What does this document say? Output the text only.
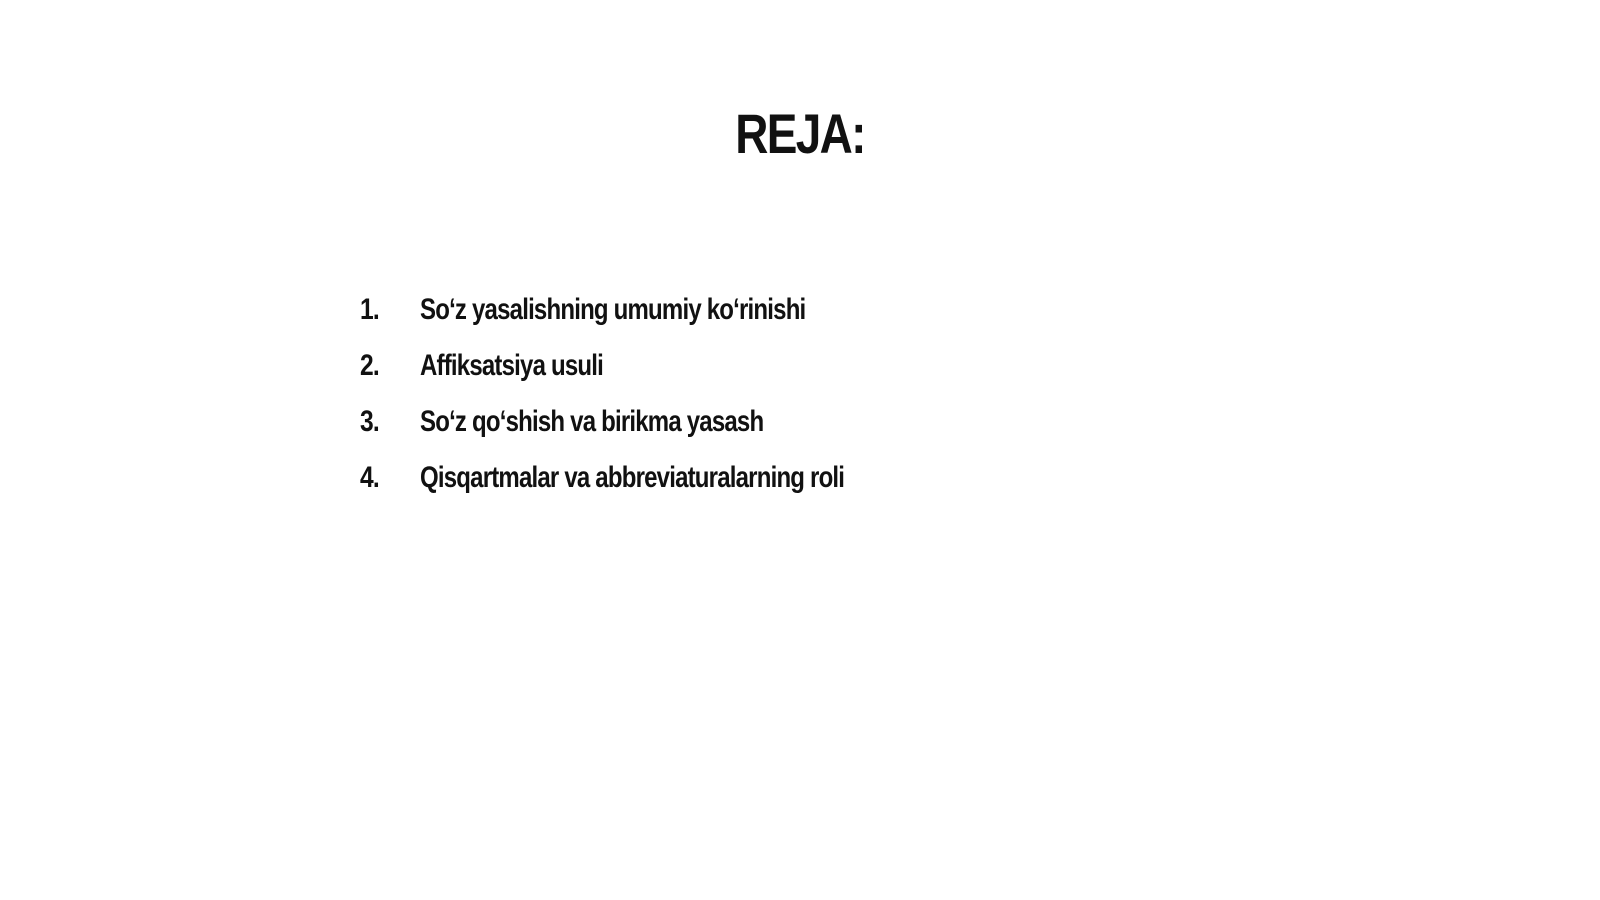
REJA:
1. So‘z yasalishning umumiy ko‘rinishi
2. Affiksatsiya usuli
3. So‘z qo‘shish va birikma yasash
4. Qisqartmalar va abbreviaturalarning roli
